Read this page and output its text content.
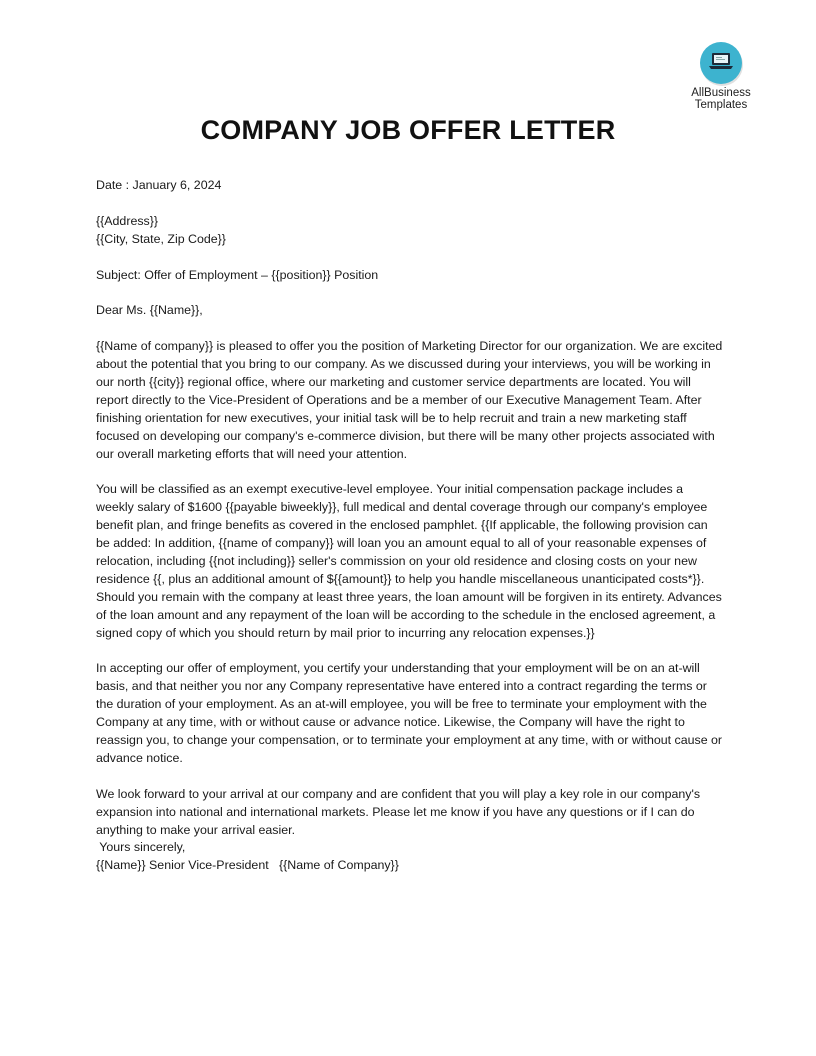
AllBusiness
Templates
COMPANY JOB OFFER LETTER

Date : January 6, 2024

{{Address}}

{{City, State, Zip Code}}

Subject: Offer of Employment – {{position}} Position

Dear Ms. {{Name}},

{{Name of company}} is pleased to offer you the position of Marketing Director for our organization. We are excited about the potential that you bring to our company. As we discussed during your interviews, you will be working in our north {{city}} regional office, where our marketing and customer service departments are located. You will report directly to the Vice-President of Operations and be a member of our Executive Management Team. After finishing orientation for new executives, your initial task will be to help recruit and train a new marketing staff focused on developing our company's e-commerce division, but there will be many other projects associated with our overall marketing efforts that will need your attention.

You will be classified as an exempt executive-level employee. Your initial compensation package includes a weekly salary of $1600 {{payable biweekly}}, full medical and dental coverage through our company's employee benefit plan, and fringe benefits as covered in the enclosed pamphlet. {{If applicable, the following provision can be added: In addition, {{name of company}} will loan you an amount equal to all of your reasonable expenses of relocation, including {{not including}} seller's commission on your old residence and closing costs on your new residence {{, plus an additional amount of ${{amount}} to help you handle miscellaneous unanticipated costs*}}. Should you remain with the company at least three years, the loan amount will be forgiven in its entirety. Advances of the loan amount and any repayment of the loan will be according to the schedule in the enclosed agreement, a signed copy of which you should return by mail prior to incurring any relocation expenses.}}

In accepting our offer of employment, you certify your understanding that your employment will be on an at-will basis, and that neither you nor any Company representative have entered into a contract regarding the terms or the duration of your employment. As an at-will employee, you will be free to terminate your employment with the Company at any time, with or without cause or advance notice. Likewise, the Company will have the right to reassign you, to change your compensation, or to terminate your employment at any time, with or without cause or advance notice.

We look forward to your arrival at our company and are confident that you will play a key role in our company's expansion into national and international markets. Please let me know if you have any questions or if I can do anything to make your arrival easier.

Yours sincerely,

{{Name}} Senior Vice-President   {{Name of Company}}
